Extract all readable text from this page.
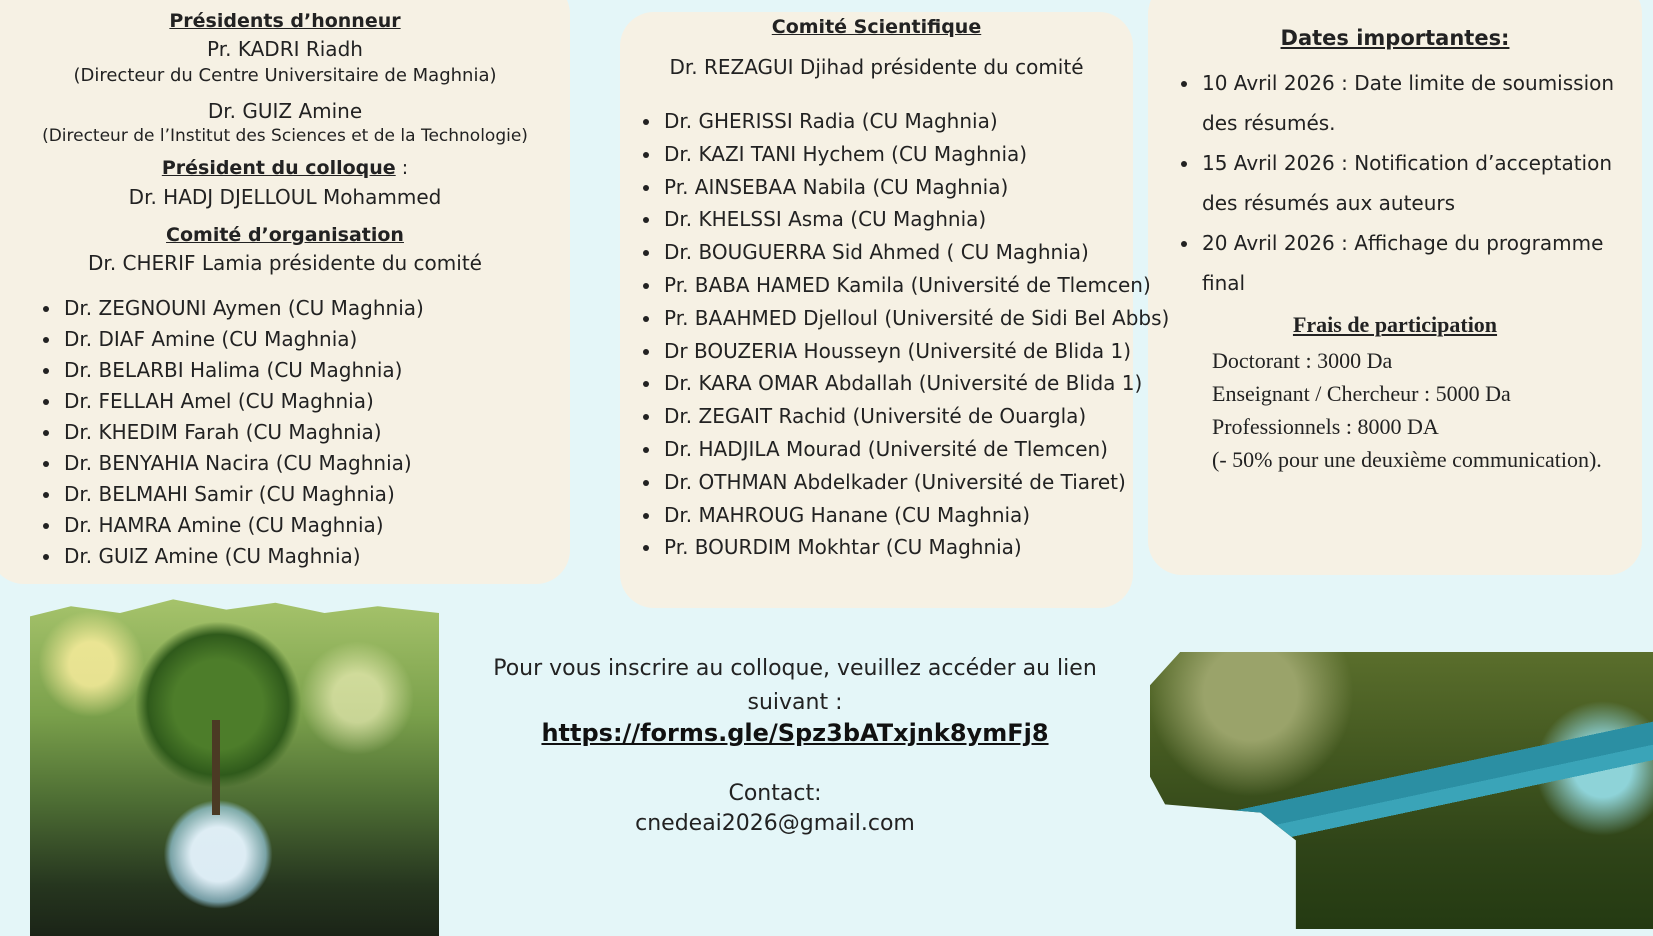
Présidents d’honneur
Pr. KADRI Riadh
(Directeur du Centre Universitaire de Maghnia)
Dr. GUIZ Amine
(Directeur de l’Institut des Sciences et de la Technologie)
Président du colloque :
Dr. HADJ DJELLOUL Mohammed
Comité d’organisation
Dr. CHERIF Lamia présidente du comité
• Dr. ZEGNOUNI Aymen (CU Maghnia)
• Dr. DIAF Amine (CU Maghnia)
• Dr. BELARBI Halima (CU Maghnia)
• Dr. FELLAH Amel (CU Maghnia)
• Dr. KHEDIM Farah (CU Maghnia)
• Dr. BENYAHIA Nacira (CU Maghnia)
• Dr. BELMAHI Samir (CU Maghnia)
• Dr. HAMRA Amine (CU Maghnia)
• Dr. GUIZ Amine (CU Maghnia)
Comité Scientifique
Dr. REZAGUI Djihad présidente du comité
• Dr. GHERISSI Radia (CU Maghnia)
• Dr. KAZI TANI Hychem (CU Maghnia)
• Pr. AINSEBAA Nabila (CU Maghnia)
• Dr. KHELSSI Asma (CU Maghnia)
• Dr. BOUGUERRA Sid Ahmed ( CU Maghnia)
• Pr. BABA HAMED Kamila (Université de Tlemcen)
• Pr. BAAHMED Djelloul (Université de Sidi Bel Abbs)
• Dr BOUZERIA Housseyn (Université de Blida 1)
• Dr. KARA OMAR Abdallah (Université de Blida 1)
• Dr. ZEGAIT Rachid (Université de Ouargla)
• Dr. HADJILA Mourad (Université de Tlemcen)
• Dr. OTHMAN Abdelkader (Université de Tiaret)
• Dr. MAHROUG Hanane (CU Maghnia)
• Pr. BOURDIM Mokhtar (CU Maghnia)
Dates importantes:
• 10 Avril 2026 : Date limite de soumission des résumés.
• 15 Avril 2026 : Notification d’acceptation des résumés aux auteurs
• 20 Avril 2026 : Affichage du programme final
Frais de participation
Doctorant : 3000 Da
Enseignant / Chercheur : 5000 Da
Professionnels : 8000 DA
(- 50% pour une deuxième communication).
Pour vous inscrire au colloque, veuillez accéder au lien suivant :
https://forms.gle/Spz3bATxjnk8ymFj8
Contact:
cnedeai2026@gmail.com
